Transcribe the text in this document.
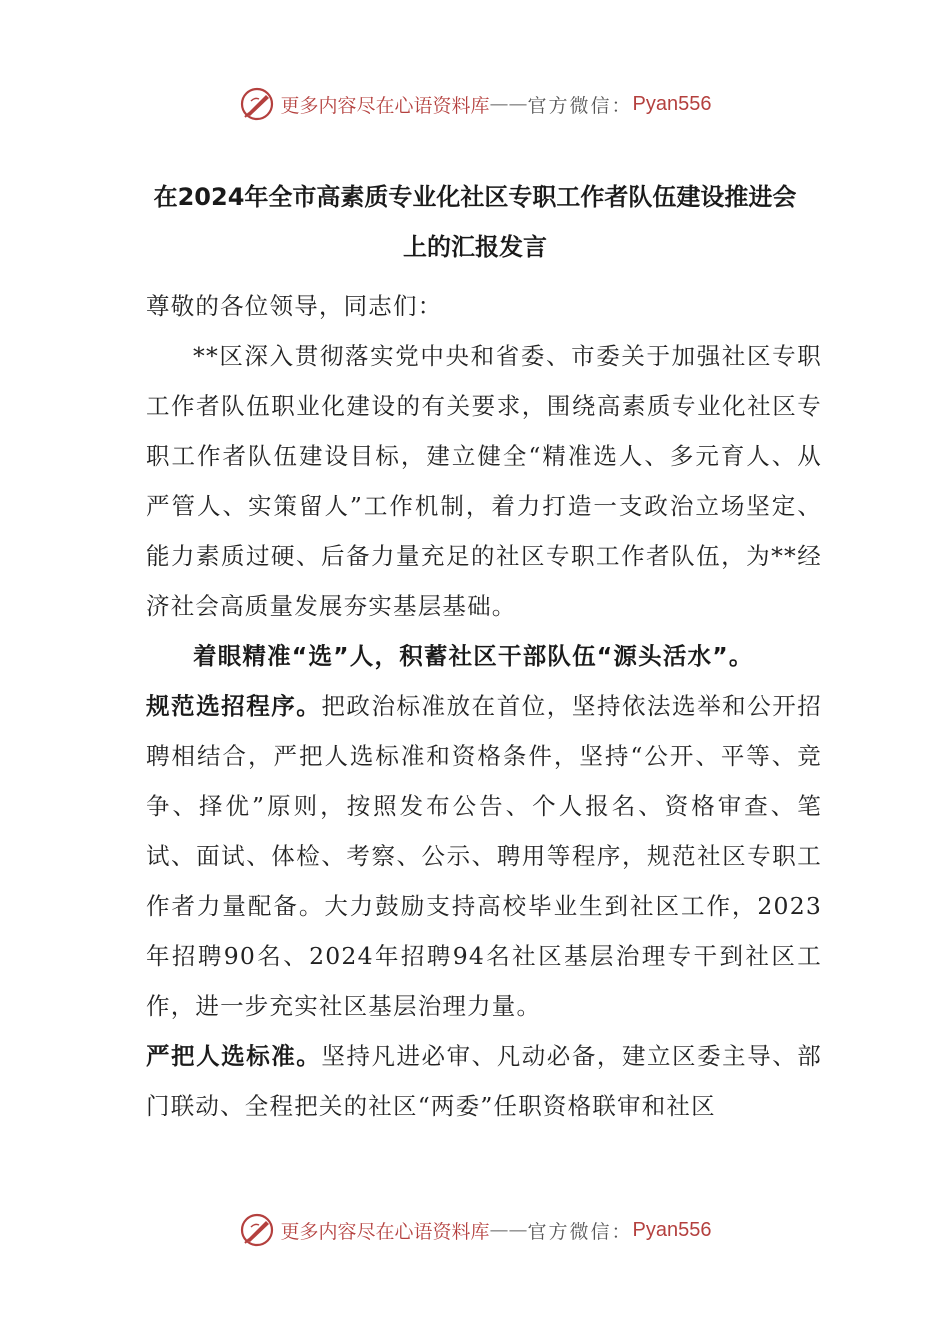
更多内容尽在心语资料库 —— 官方微信： Pyan556
在2024年全市高素质专业化社区专职工作者队伍建设推进会上的汇报发言

尊敬的各位领导，同志们：

**区深入贯彻落实党中央和省委、市委关于加强社区专职工作者队伍职业化建设的有关要求，围绕高素质专业化社区专职工作者队伍建设目标，建立健全“精准选人、多元育人、从严管人、实策留人”工作机制，着力打造一支政治立场坚定、能力素质过硬、后备力量充足的社区专职工作者队伍，为**经济社会高质量发展夯实基层基础。

着眼精准“选”人，积蓄社区干部队伍“源头活水”。

规范选招程序。把政治标准放在首位，坚持依法选举和公开招聘相结合，严把人选标准和资格条件，坚持“公开、平等、竞争、择优”原则，按照发布公告、个人报名、资格审查、笔试、面试、体检、考察、公示、聘用等程序，规范社区专职工作者力量配备。大力鼓励支持高校毕业生到社区工作，2023年招聘90名、2024年招聘94名社区基层治理专干到社区工作，进一步充实社区基层治理力量。

严把人选标准。坚持凡进必审、凡动必备，建立区委主导、部门联动、全程把关的社区“两委”任职资格联审和社区

更多内容尽在心语资料库 —— 官方微信： Pyan556
